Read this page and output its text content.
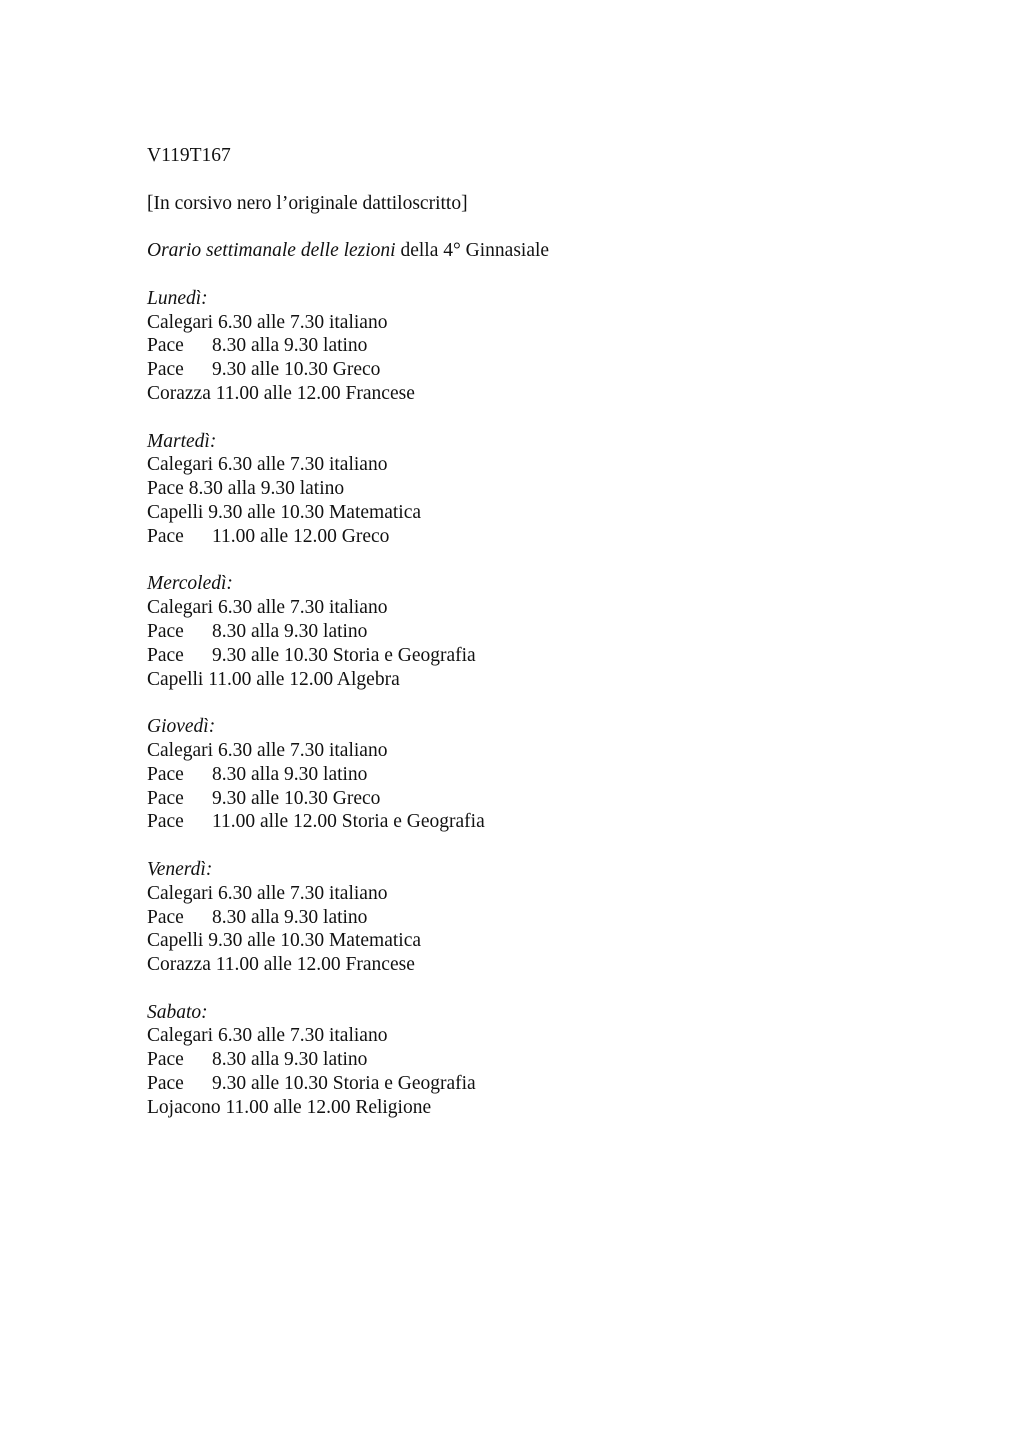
V119T167
[In corsivo nero l’originale dattiloscritto]
Orario settimanale delle lezioni della 4° Ginnasiale
Lunedì:
Calegari 6.30 alle 7.30 italiano
Pace 8.30 alla 9.30 latino
Pace 9.30 alle 10.30 Greco
Corazza 11.00 alle 12.00 Francese
Martedì:
Calegari 6.30 alle 7.30 italiano
Pace 8.30 alla 9.30 latino
Capelli 9.30 alle 10.30 Matematica
Pace 11.00 alle 12.00 Greco
Mercoledì:
Calegari 6.30 alle 7.30 italiano
Pace 8.30 alla 9.30 latino
Pace 9.30 alle 10.30 Storia e Geografia
Capelli 11.00 alle 12.00 Algebra
Giovedì:
Calegari 6.30 alle 7.30 italiano
Pace 8.30 alla 9.30 latino
Pace 9.30 alle 10.30 Greco
Pace 11.00 alle 12.00 Storia e Geografia
Venerdì:
Calegari 6.30 alle 7.30 italiano
Pace 8.30 alla 9.30 latino
Capelli 9.30 alle 10.30 Matematica
Corazza 11.00 alle 12.00 Francese
Sabato:
Calegari 6.30 alle 7.30 italiano
Pace 8.30 alla 9.30 latino
Pace 9.30 alle 10.30 Storia e Geografia
Lojacono 11.00 alle 12.00 Religione
